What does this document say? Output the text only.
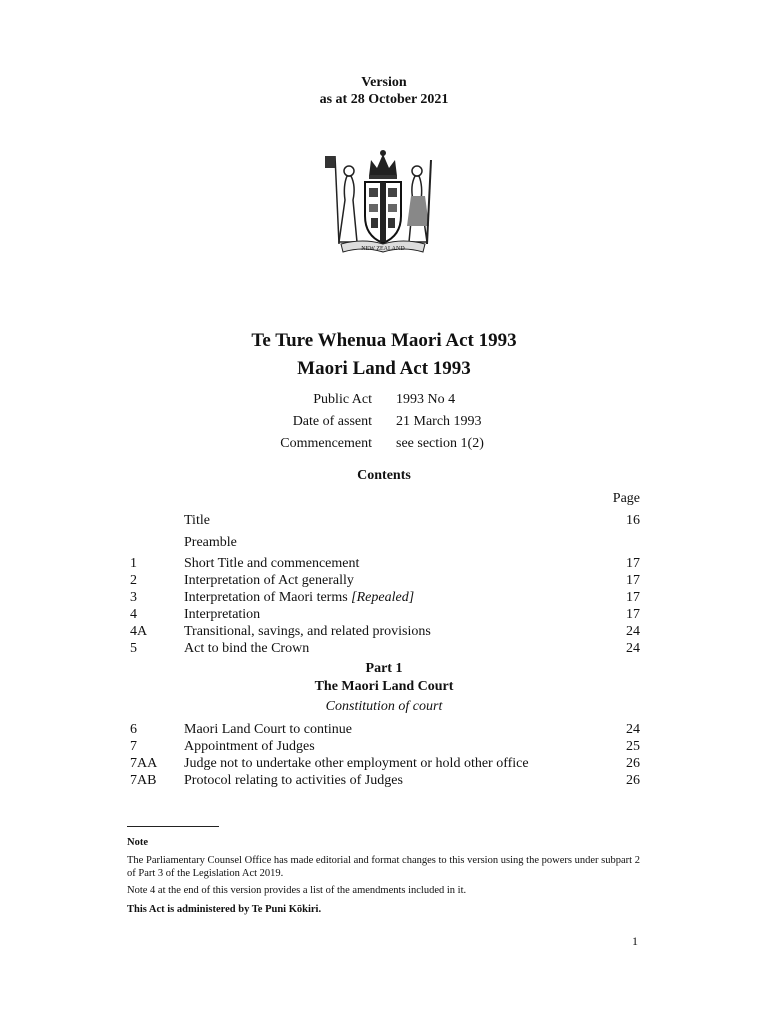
Version
as at 28 October 2021
NEW ZEALAND
Te Ture Whenua Maori Act 1993
Maori Land Act 1993
Public Act 1993 No 4
Date of assent 21 March 1993
Commencement see section 1(2)
Contents
Page
Title	16
Preamble
1	Short Title and commencement	17
2	Interpretation of Act generally	17
3	Interpretation of Maori terms [Repealed]	17
4	Interpretation	17
4A	Transitional, savings, and related provisions	24
5	Act to bind the Crown	24
Part 1
The Maori Land Court
Constitution of court
6	Maori Land Court to continue	24
7	Appointment of Judges	25
7AA Judge not to undertake other employment or hold other office	26
7AB Protocol relating to activities of Judges	26

Note

The Parliamentary Counsel Office has made editorial and format changes to this version using the powers under subpart 2 of Part 3 of the Legislation Act 2019.

Note 4 at the end of this version provides a list of the amendments included in it.

This Act is administered by Te Puni Kōkiri.

1
